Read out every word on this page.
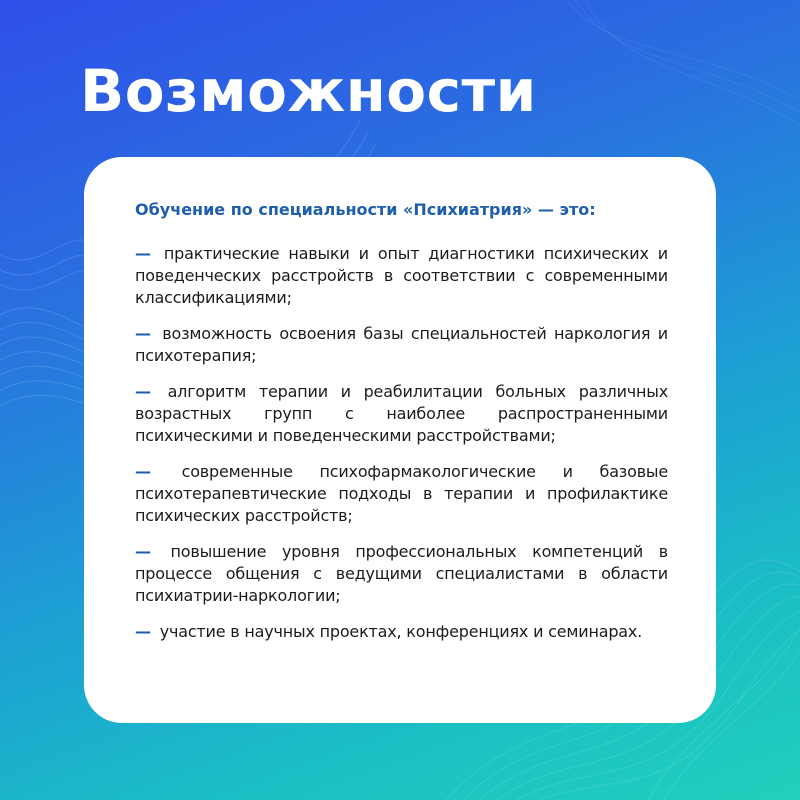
Возможности

Обучение по специальности «Психиатрия» — это:

— практические навыки и опыт диагностики психических и поведенческих расстройств в соответствии с современными классификациями;
— возможность освоения базы специальностей наркология и психотерапия;
— алгоритм терапии и реабилитации больных различных возрастных групп с наиболее распространенными психическими и поведенческими расстройствами;
— современные психофармакологические и базовые психотерапевтические подходы в терапии и профилактике психических расстройств;
— повышение уровня профессиональных компетенций в процессе общения с ведущими специалистами в области психиатрии-наркологии;
— участие в научных проектах, конференциях и семинарах.
